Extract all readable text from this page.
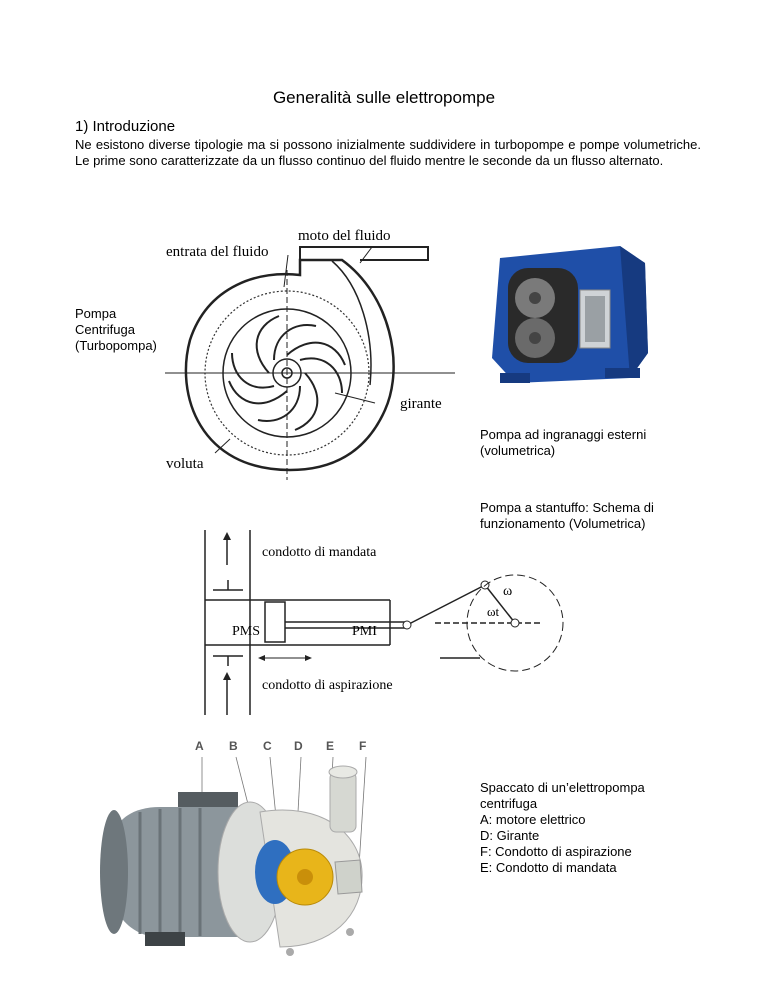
Generalità sulle elettropompe
1) Introduzione
Ne esistono diverse tipologie ma si possono inizialmente suddividere in turbopompe e pompe volumetriche. Le prime sono caratterizzate da un flusso continuo del fluido mentre le seconde da un flusso alternato.
Pompa
Centrifuga
(Turbopompa)
entrata del fluido
moto del fluido
girante
voluta
Pompa ad ingranaggi esterni
(volumetrica)
Pompa a stantuffo: Schema di
funzionamento (Volumetrica)
condotto di mandata
condotto di aspirazione
PMS	PMI
ω
ωt
A B C D E F
Spaccato di un’elettropompa
centrifuga
A: motore elettrico
D: Girante
F: Condotto di aspirazione
E: Condotto di mandata
